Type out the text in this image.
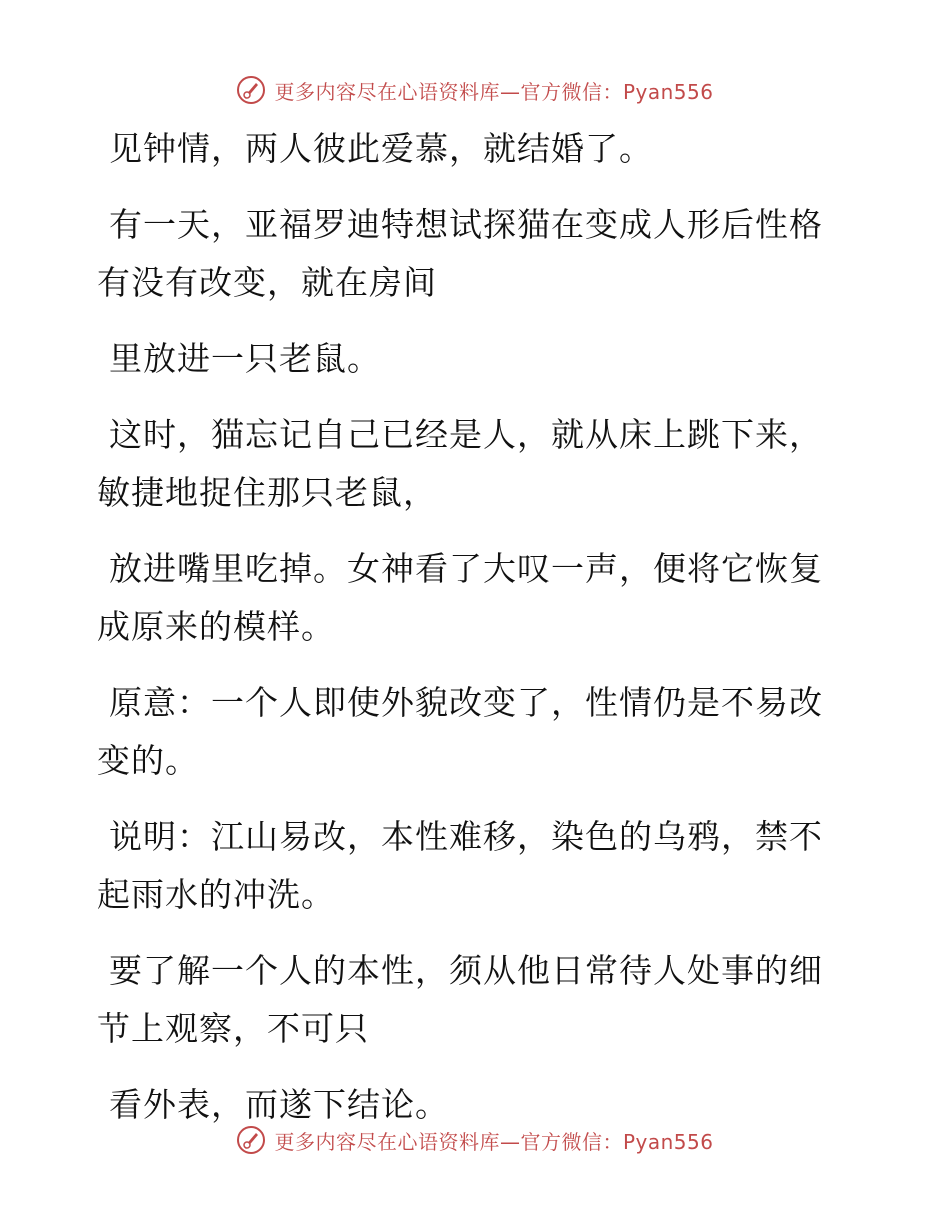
更多内容尽在心语资料库—官方微信：Pyan556

见钟情，两人彼此爱慕，就结婚了。

有一天，亚福罗迪特想试探猫在变成人形后性格有没有改变，就在房间

里放进一只老鼠。

这时，猫忘记自己已经是人，就从床上跳下来，敏捷地捉住那只老鼠，

放进嘴里吃掉。女神看了大叹一声，便将它恢复成原来的模样。

原意：一个人即使外貌改变了，性情仍是不易改变的。

说明：江山易改，本性难移，染色的乌鸦，禁不起雨水的冲洗。

要了解一个人的本性，须从他日常待人处事的细节上观察，不可只

看外表，而遂下结论。

更多内容尽在心语资料库—官方微信：Pyan556
